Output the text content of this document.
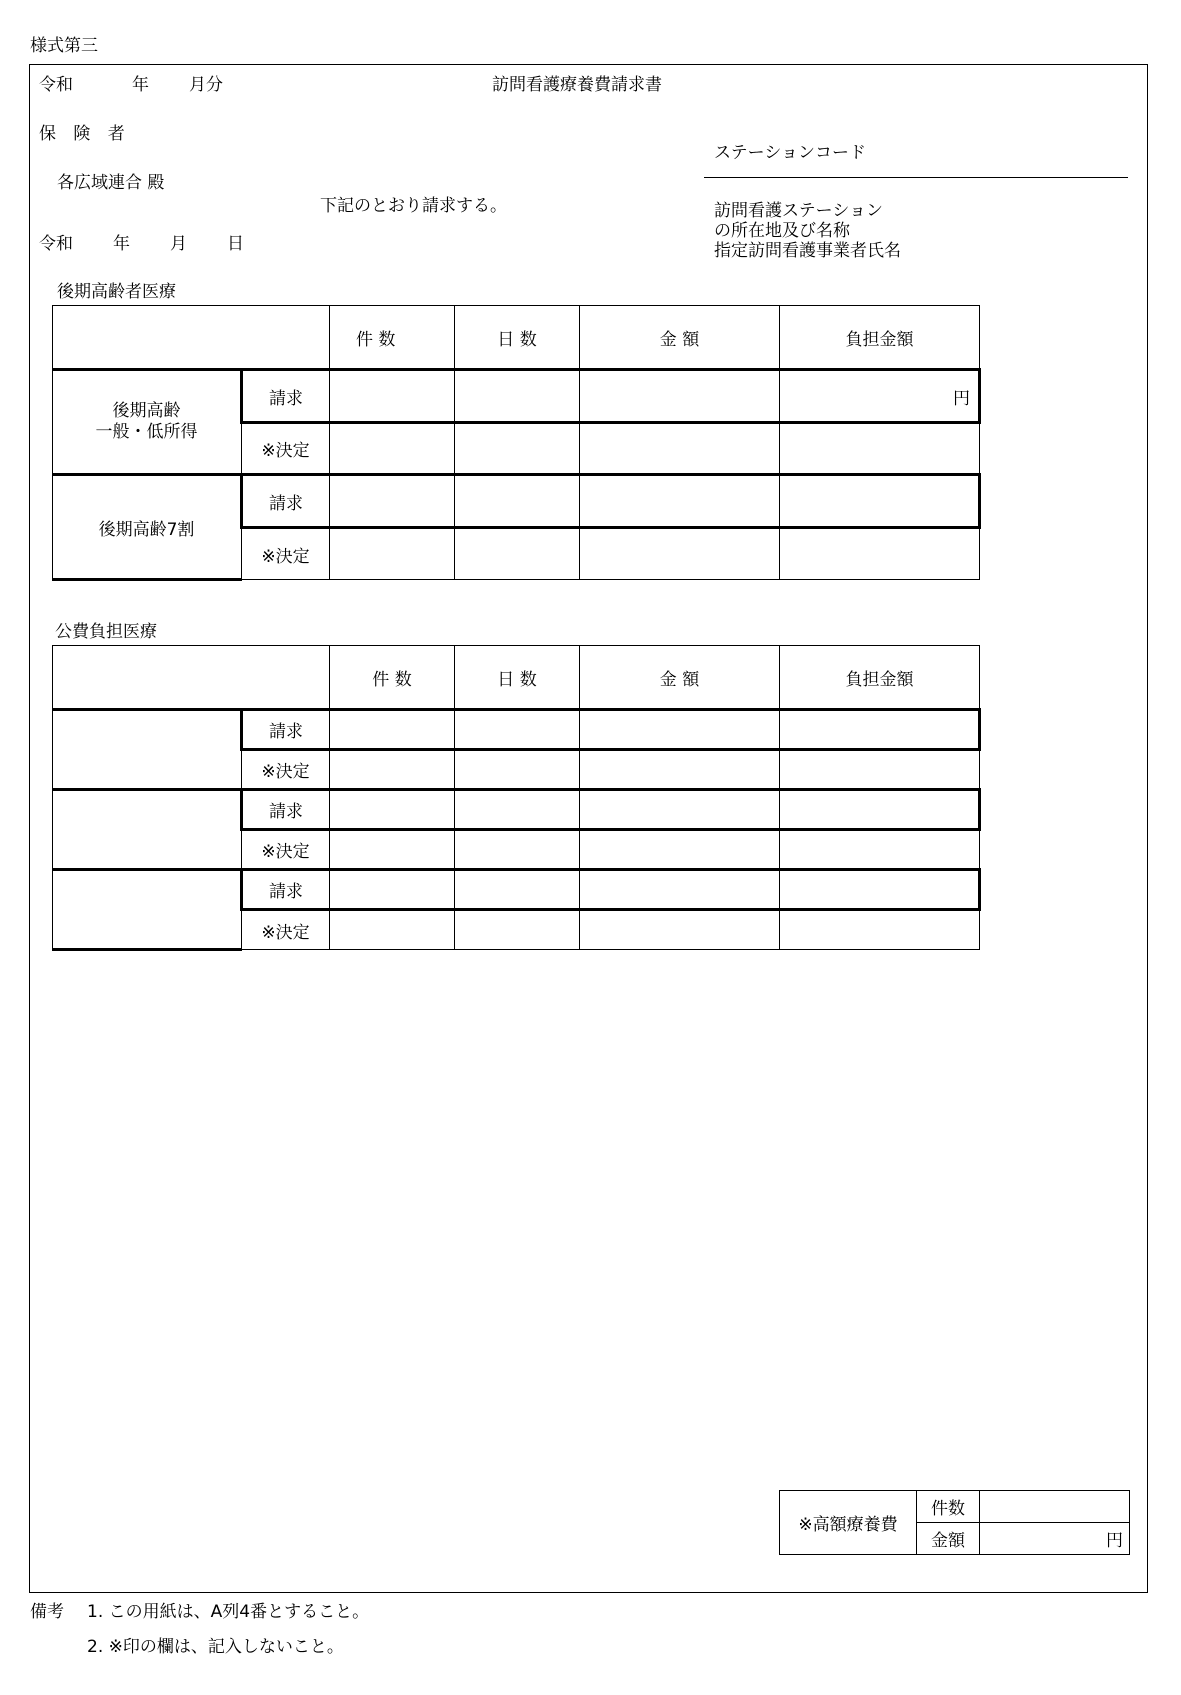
様式第三
令和	年 月分	訪問看護療養費請求書
保 険 者
各広域連合 殿
下記のとおり請求する。
令和 年 月 日
ステーションコード
訪問看護ステーション
の所在地及び名称
指定訪問看護事業者氏名
後期高齢者医療

		件 数	日 数	金 額	負担金額

後期高齢
一般・低所得	請求				円
	※決定				
後期高齢7割	請求				
	※決定				
公費負担医療
		件 数	日 数	金 額	負担金額
	請求				
	※決定				
	請求				
	※決定				
	請求				
	※決定				
※高額療養費	件数	
	金額	円
備考 1. この用紙は、A列4番とすること。
2. ※印の欄は、記入しないこと。
